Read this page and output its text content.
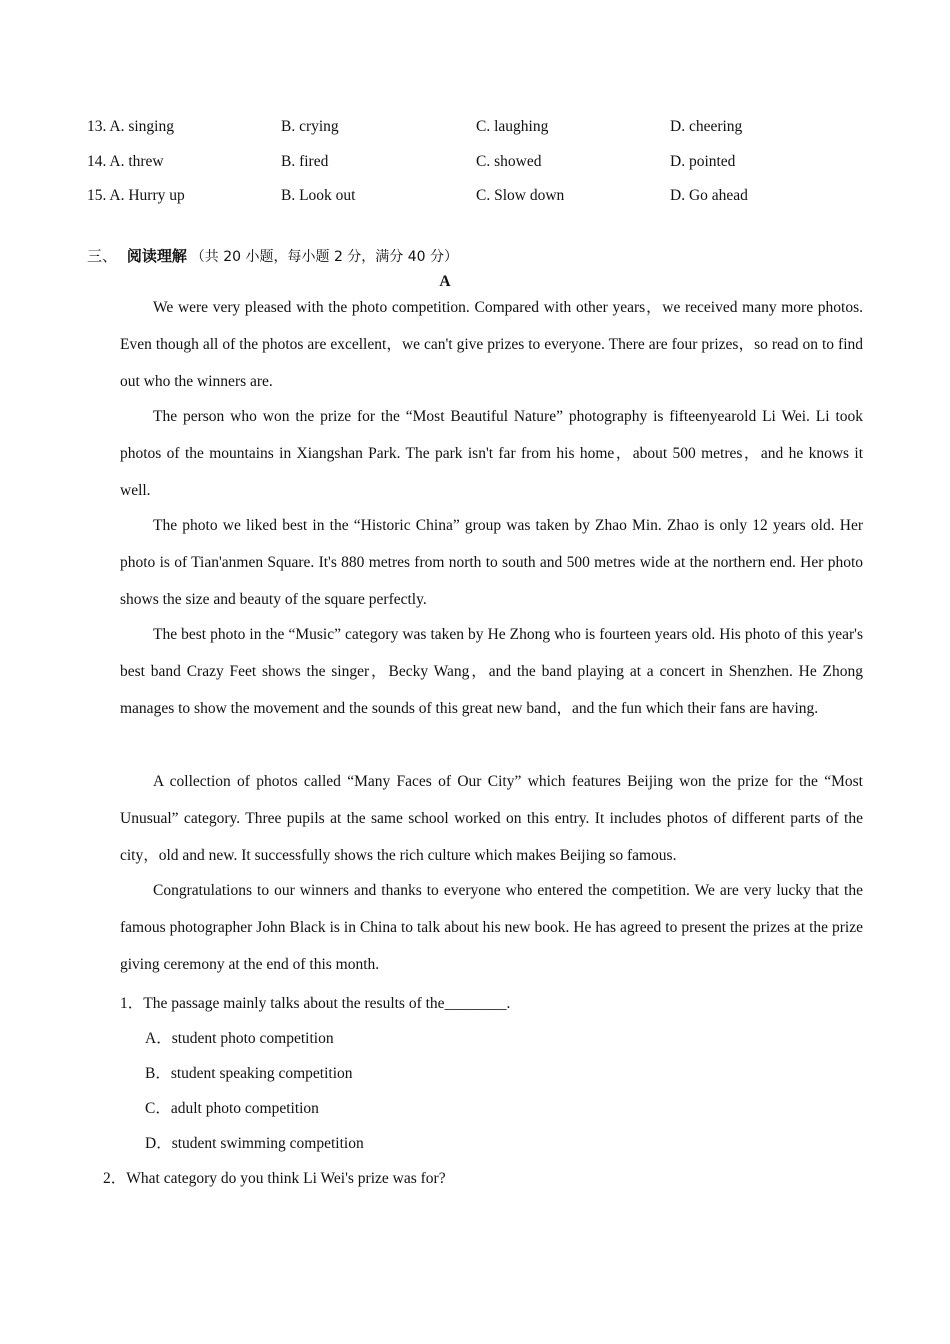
13. A. singing	B. crying	C. laughing	D. cheering
14. A. threw	B. fired	C. showed	D. pointed
15. A. Hurry up	B. Look out	C. Slow down	D. Go ahead
三、 阅读理解 （共 20 小题，每小题 2 分，满分 40 分）
A

We were very pleased with the photo competition. Compared with other years，we received many more photos. Even though all of the photos are excellent，we can't give prizes to everyone. There are four prizes，so read on to find out who the winners are.

The person who won the prize for the “Most Beautiful Nature” photography is fifteenyearold Li Wei. Li took photos of the mountains in Xiangshan Park. The park isn't far from his home，about 500 metres，and he knows it well.

The photo we liked best in the “Historic China” group was taken by Zhao Min. Zhao is only 12 years old. Her photo is of Tian'anmen Square. It's 880 metres from north to south and 500 metres wide at the northern end. Her photo shows the size and beauty of the square perfectly.

The best photo in the “Music” category was taken by He Zhong who is fourteen years old. His photo of this year's best band Crazy Feet shows the singer，Becky Wang，and the band playing at a concert in Shenzhen. He Zhong manages to show the movement and the sounds of this great new band，and the fun which their fans are having.

A collection of photos called “Many Faces of Our City” which features Beijing won the prize for the “Most Unusual” category. Three pupils at the same school worked on this entry. It includes photos of different parts of the city，old and new. It successfully shows the rich culture which makes Beijing so famous.

Congratulations to our winners and thanks to everyone who entered the competition. We are very lucky that the famous photographer John Black is in China to talk about his new book. He has agreed to present the prizes at the prize giving ceremony at the end of this month.

1．The passage mainly talks about the results of the________.
A．student photo competition
B．student speaking competition
C．adult photo competition
D．student swimming competition
2．What category do you think Li Wei's prize was for?
